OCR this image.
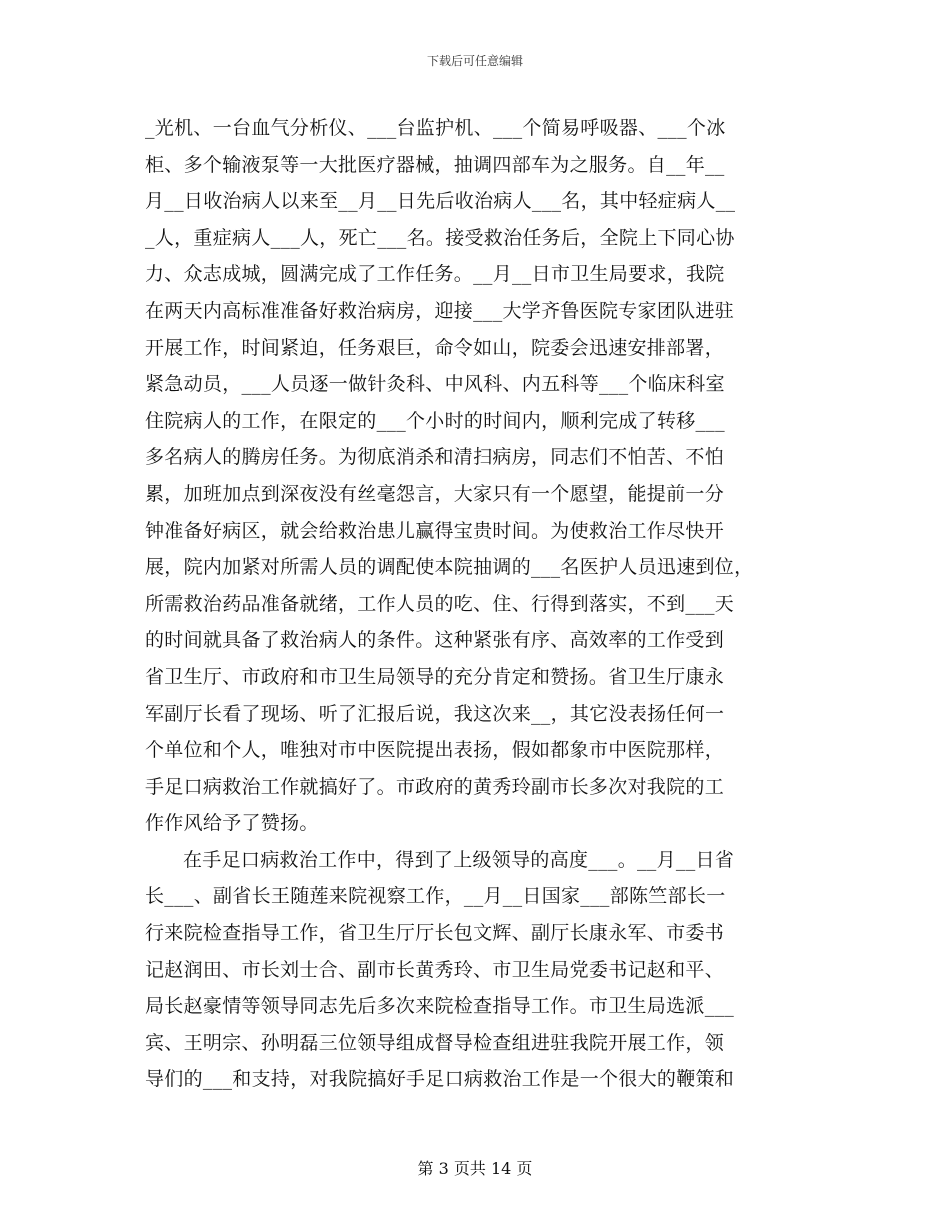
下载后可任意编辑

_光机、一台血气分析仪、___台监护机、___个简易呼吸器、___个冰
柜、多个输液泵等一大批医疗器械，抽调四部车为之服务。自__年__
月__日收治病人以来至__月__日先后收治病人___名，其中轻症病人__
_人，重症病人___人，死亡___名。接受救治任务后，全院上下同心协
力、众志成城，圆满完成了工作任务。__月__日市卫生局要求，我院
在两天内高标准准备好救治病房，迎接___大学齐鲁医院专家团队进驻
开展工作，时间紧迫，任务艰巨，命令如山，院委会迅速安排部署，
紧急动员，___人员逐一做针灸科、中风科、内五科等___个临床科室
住院病人的工作，在限定的___个小时的时间内，顺利完成了转移___
多名病人的腾房任务。为彻底消杀和清扫病房，同志们不怕苦、不怕
累，加班加点到深夜没有丝毫怨言，大家只有一个愿望，能提前一分
钟准备好病区，就会给救治患儿赢得宝贵时间。为使救治工作尽快开
展，院内加紧对所需人员的调配使本院抽调的___名医护人员迅速到位，
所需救治药品准备就绪，工作人员的吃、住、行得到落实，不到___天
的时间就具备了救治病人的条件。这种紧张有序、高效率的工作受到
省卫生厅、市政府和市卫生局领导的充分肯定和赞扬。省卫生厅康永
军副厅长看了现场、听了汇报后说，我这次来__，其它没表扬任何一
个单位和个人，唯独对市中医院提出表扬，假如都象市中医院那样，
手足口病救治工作就搞好了。市政府的黄秀玲副市长多次对我院的工
作作风给予了赞扬。

在手足口病救治工作中，得到了上级领导的高度___。__月__日省
长___、副省长王随莲来院视察工作，__月__日国家___部陈竺部长一
行来院检查指导工作，省卫生厅厅长包文辉、副厅长康永军、市委书
记赵润田、市长刘士合、副市长黄秀玲、市卫生局党委书记赵和平、
局长赵豪情等领导同志先后多次来院检查指导工作。市卫生局选派___
宾、王明宗、孙明磊三位领导组成督导检查组进驻我院开展工作，领
导们的___和支持，对我院搞好手足口病救治工作是一个很大的鞭策和

第 3 页共 14 页
